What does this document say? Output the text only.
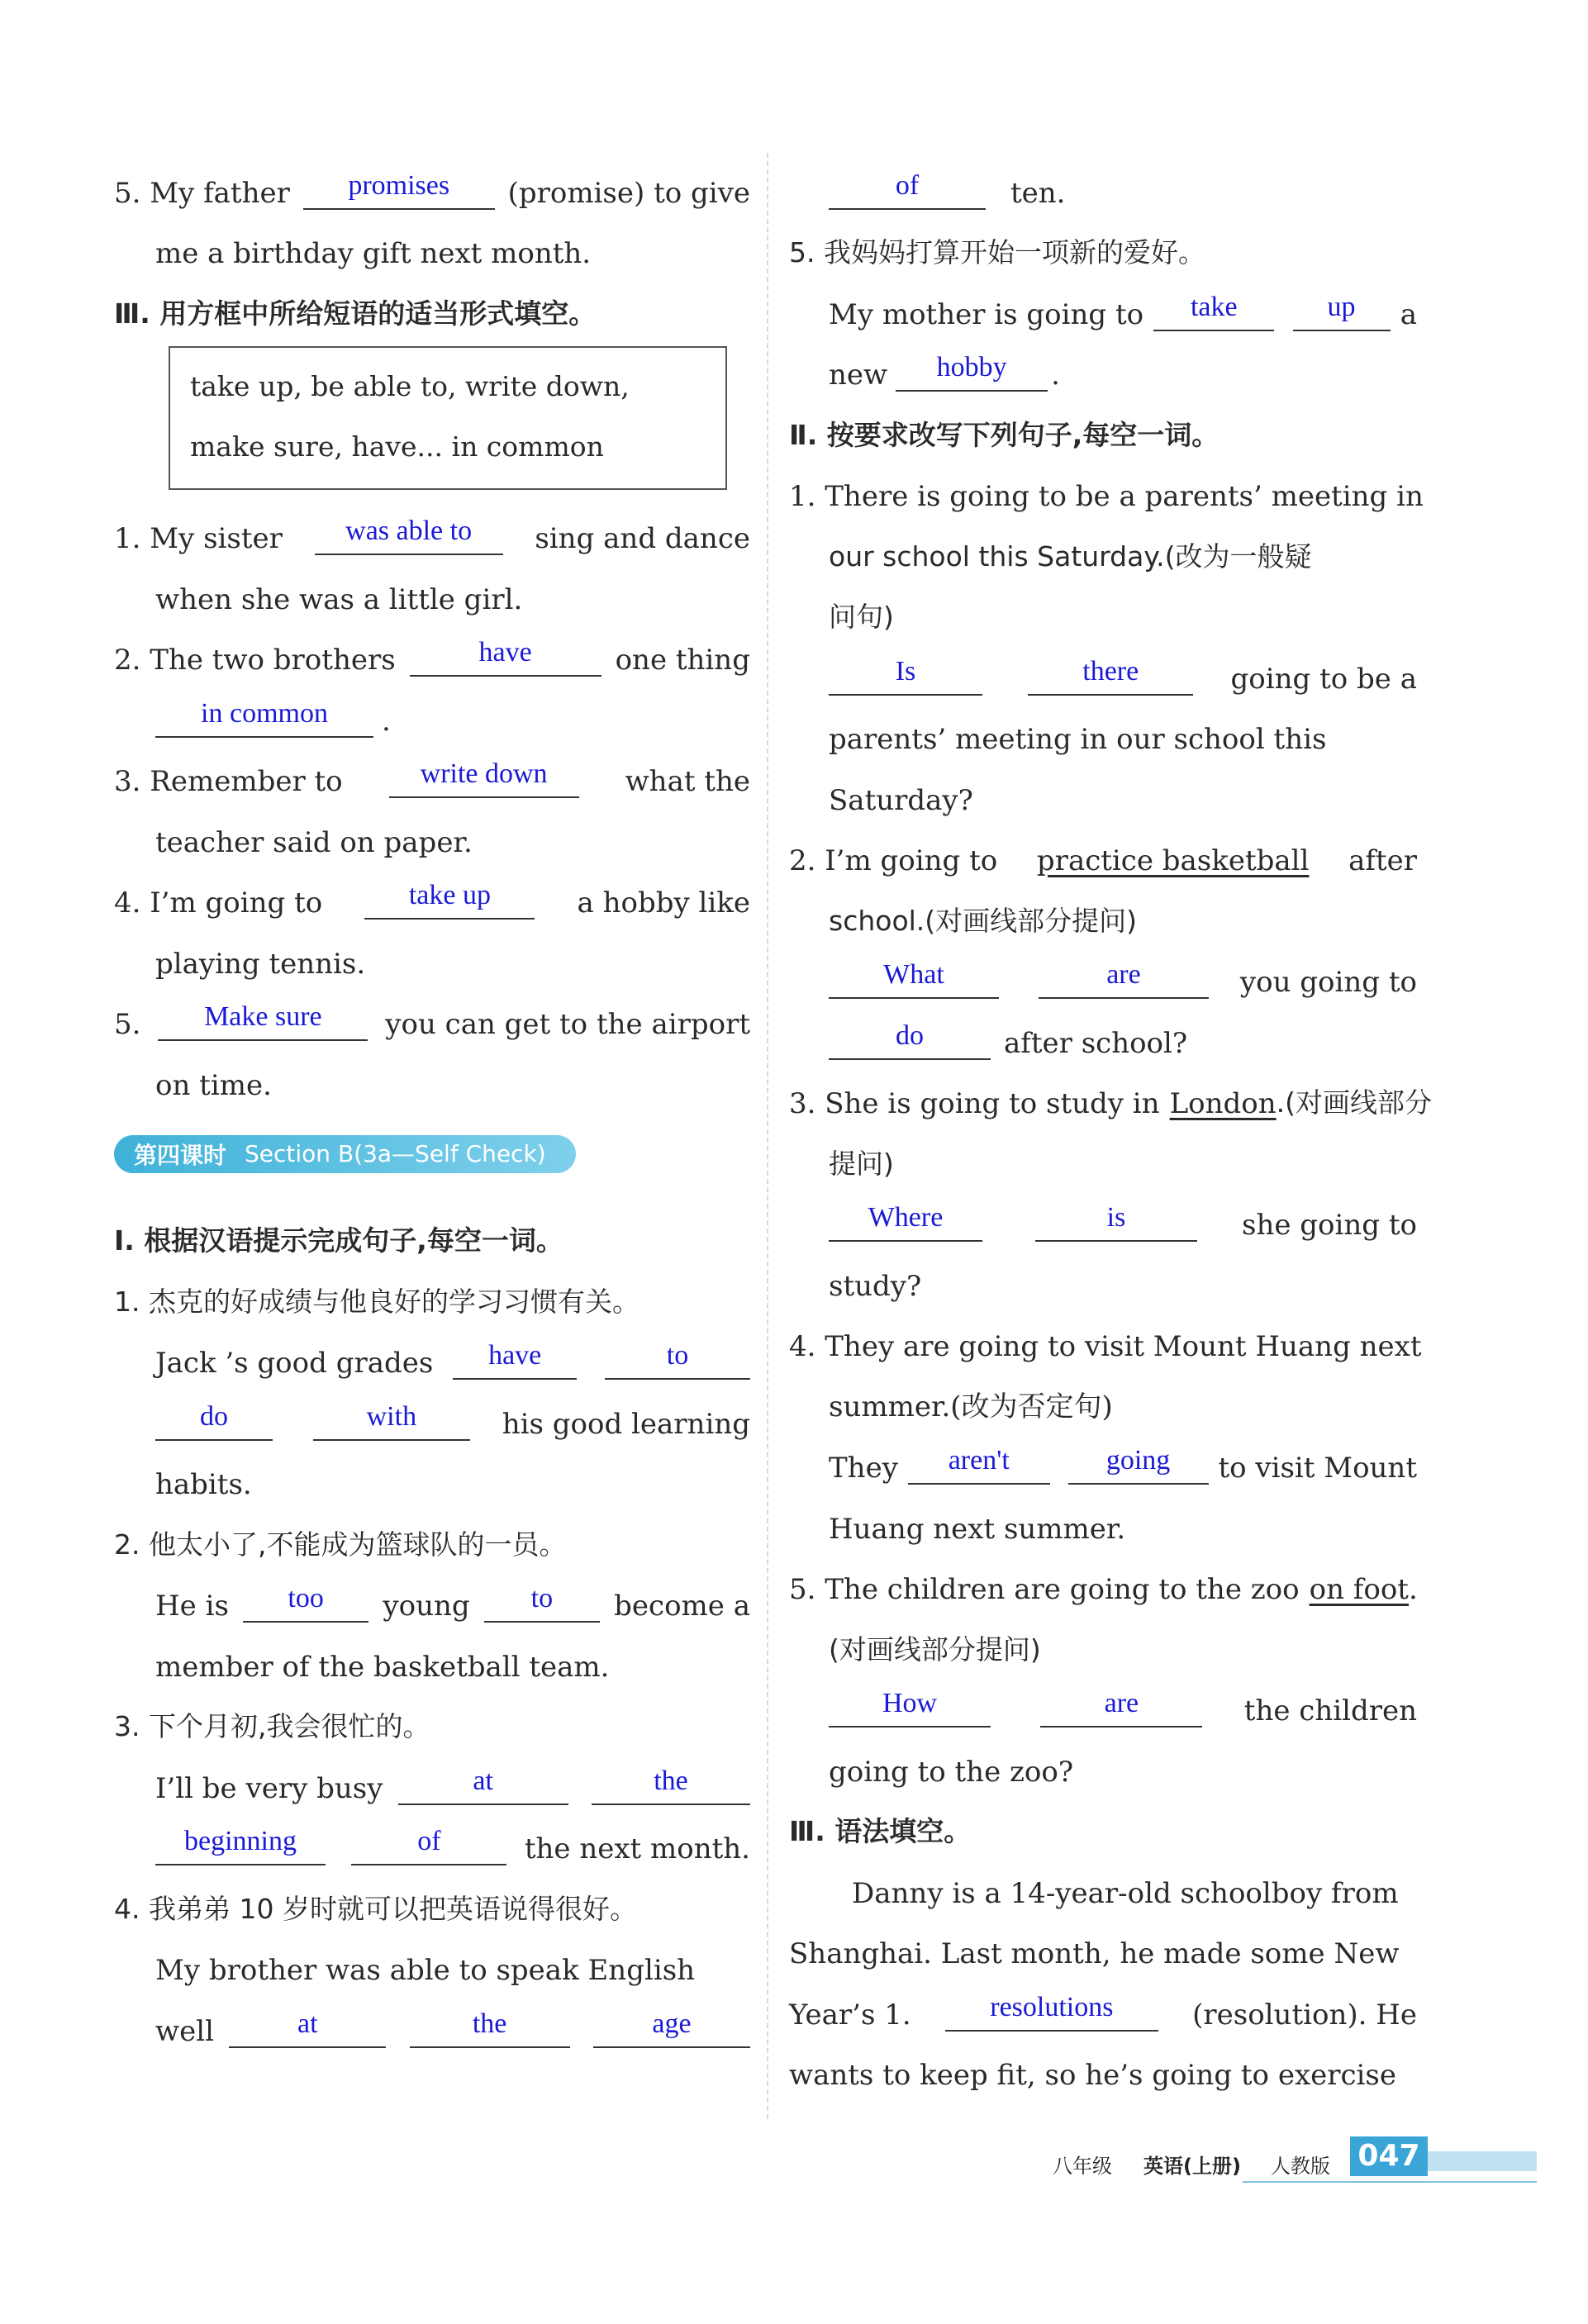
5. My father	promises	(promise) to give
me a birthday gift next month.
Ⅲ. 用方框中所给短语的适当形式填空。
take up, be able to, write down,
make sure, have... in common
1. My sister	was able to	sing and dance
when she was a little girl.
2. The two brothers	have	one thing
in common	.
3. Remember to	write down	what the
teacher said on paper.
4. I’m going to	take up	a hobby like
playing tennis.
5.	Make sure	you can get to the airport
on time.
第四课时 Section B(3a—Self Check)
Ⅰ. 根据汉语提示完成句子,每空一词。
1. 杰克的好成绩与他良好的学习习惯有关。
Jack ’s good grades	have	to
do	with	his good learning
habits.
2. 他太小了,不能成为篮球队的一员。
He is	too	young	to	become a
member of the basketball team.
3. 下个月初,我会很忙的。
I’ll be very busy	at	the
beginning	of	the next month.
4. 我弟弟 10 岁时就可以把英语说得很好。
My brother was able to speak English
well	at	the	age
of	ten.
5. 我妈妈打算开始一项新的爱好。
My mother is going to	take	up	a
new	hobby	.
Ⅱ. 按要求改写下列句子,每空一词。
1. There is going to be a parents’ meeting in
our school this Saturday.(改为一般疑
问句)
Is	there	going to be a
parents’ meeting in our school this
Saturday?
2. I’m going to practice basketball after
school.(对画线部分提问)
What	are	you going to
do	after school?
3. She is going to study in London .(对画线部分
提问)
Where	is	she going to
study?
4. They are going to visit Mount Huang next
summer.(改为否定句)
They	aren't	going	to visit Mount
Huang next summer.
5. The children are going to the zoo on foot .
(对画线部分提问)
How	are	the children
going to the zoo?
Ⅲ. 语法填空。
Danny is a 14-year-old schoolboy from
Shanghai. Last month, he made some New
Year’s 1.	resolutions	(resolution). He
wants to keep fit, so he’s going to exercise
八年级 英语(上册) 人教版 047
